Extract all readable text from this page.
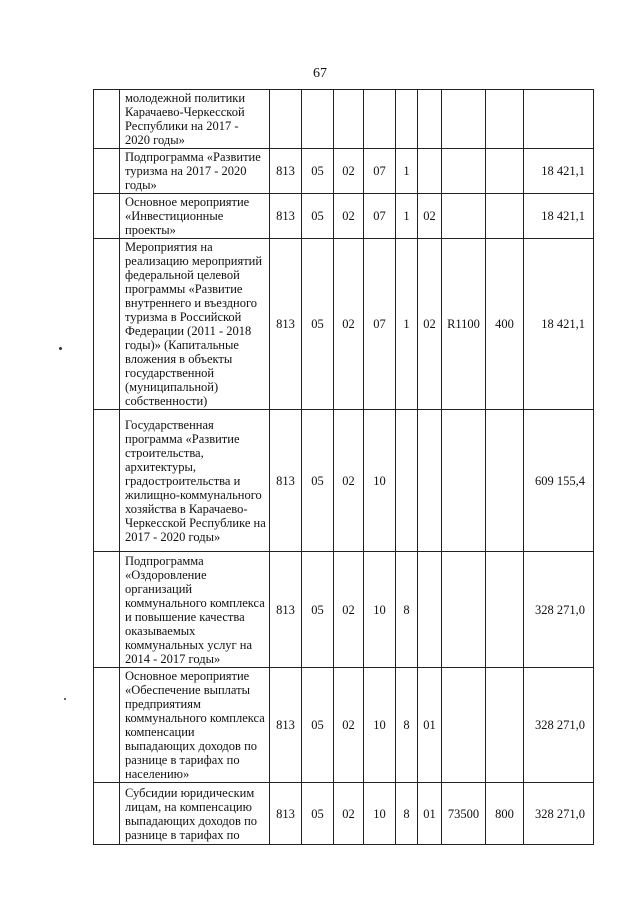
67
	молодежной политики Карачаево-Черкесской Республики на 2017 - 2020 годы»									
	Подпрограмма «Развитие туризма на 2017 - 2020 годы»	813	05	02	07	1				18 421,1
	Основное мероприятие «Инвестиционные проекты»	813	05	02	07	1	02			18 421,1
	Мероприятия на реализацию мероприятий федеральной целевой программы «Развитие внутреннего и въездного туризма в Российской Федерации (2011 - 2018 годы)» (Капитальные вложения в объекты государственной (муниципальной) собственности)	813	05	02	07	1	02	R1100	400	18 421,1
	Государственная программа «Развитие строительства, архитектуры, градостроительства и жилищно-коммунального хозяйства в Карачаево-Черкесской Республике на 2017 - 2020 годы»	813	05	02	10					609 155,4
	Подпрограмма «Оздоровление организаций коммунального комплекса и повышение качества оказываемых коммунальных услуг на 2014 - 2017 годы»	813	05	02	10	8				328 271,0
	Основное мероприятие «Обеспечение выплаты предприятиям коммунального комплекса компенсации выпадающих доходов по разнице в тарифах по населению»	813	05	02	10	8	01			328 271,0
	Субсидии юридическим лицам, на компенсацию выпадающих доходов по разнице в тарифах по	813	05	02	10	8	01	73500	800	328 271,0
